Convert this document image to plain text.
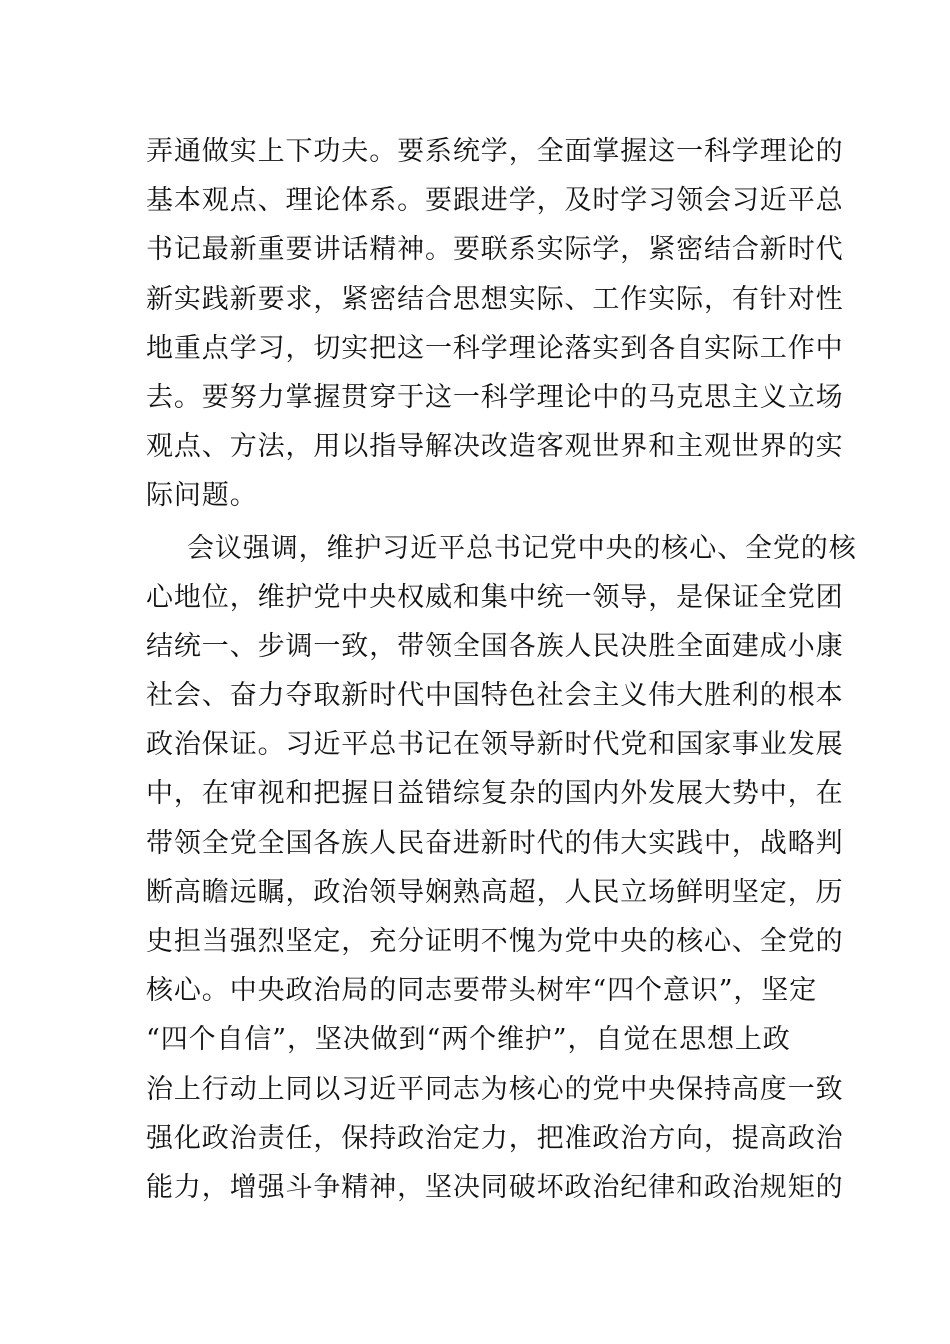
弄通做实上下功夫。要系统学，全面掌握这一科学理论的
基本观点、理论体系。要跟进学，及时学习领会习近平总
书记最新重要讲话精神。要联系实际学，紧密结合新时代
新实践新要求，紧密结合思想实际、工作实际，有针对性
地重点学习，切实把这一科学理论落实到各自实际工作中
去。要努力掌握贯穿于这一科学理论中的马克思主义立场
观点、方法，用以指导解决改造客观世界和主观世界的实
际问题。
会议强调，维护习近平总书记党中央的核心、全党的核
心地位，维护党中央权威和集中统一领导，是保证全党团
结统一、步调一致，带领全国各族人民决胜全面建成小康
社会、奋力夺取新时代中国特色社会主义伟大胜利的根本
政治保证。习近平总书记在领导新时代党和国家事业发展
中，在审视和把握日益错综复杂的国内外发展大势中，在
带领全党全国各族人民奋进新时代的伟大实践中，战略判
断高瞻远瞩，政治领导娴熟高超，人民立场鲜明坚定，历
史担当强烈坚定，充分证明不愧为党中央的核心、全党的
核心。中央政治局的同志要带头树牢“四个意识”，坚定
“四个自信”，坚决做到“两个维护”，自觉在思想上政
治上行动上同以习近平同志为核心的党中央保持高度一致
强化政治责任，保持政治定力，把准政治方向，提高政治
能力，增强斗争精神，坚决同破坏政治纪律和政治规矩的
